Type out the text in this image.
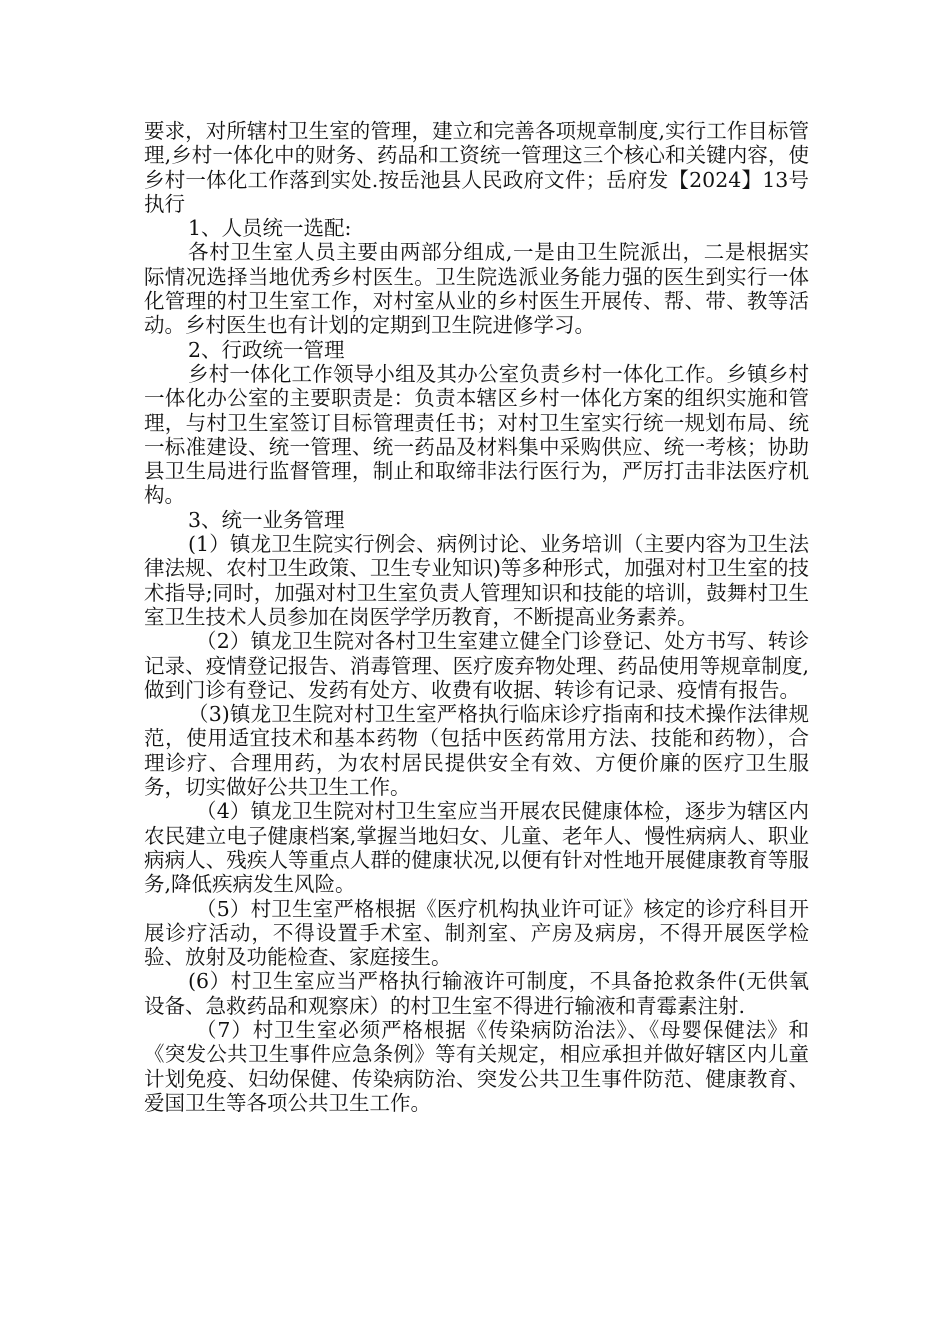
要求，对所辖村卫生室的管理，建立和完善各项规章制度,实行工作目标管理,乡村一体化中的财务、药品和工资统一管理这三个核心和关键内容，使乡村一体化工作落到实处.按岳池县人民政府文件；岳府发【2024】13号执行

1、人员统一选配:

各村卫生室人员主要由两部分组成,一是由卫生院派出，二是根据实际情况选择当地优秀乡村医生。卫生院选派业务能力强的医生到实行一体化管理的村卫生室工作，对村室从业的乡村医生开展传、帮、带、教等活动。乡村医生也有计划的定期到卫生院进修学习。

2、行政统一管理

乡村一体化工作领导小组及其办公室负责乡村一体化工作。乡镇乡村一体化办公室的主要职责是：负责本辖区乡村一体化方案的组织实施和管理，与村卫生室签订目标管理责任书；对村卫生室实行统一规划布局、统一标准建设、统一管理、统一药品及材料集中采购供应、统一考核；协助县卫生局进行监督管理，制止和取缔非法行医行为，严厉打击非法医疗机构。

3、统一业务管理

(1）镇龙卫生院实行例会、病例讨论、业务培训（主要内容为卫生法律法规、农村卫生政策、卫生专业知识)等多种形式，加强对村卫生室的技术指导;同时，加强对村卫生室负责人管理知识和技能的培训，鼓舞村卫生室卫生技术人员参加在岗医学学历教育，不断提高业务素养。

（2）镇龙卫生院对各村卫生室建立健全门诊登记、处方书写、转诊记录、疫情登记报告、消毒管理、医疗废弃物处理、药品使用等规章制度,做到门诊有登记、发药有处方、收费有收据、转诊有记录、疫情有报告。

（3)镇龙卫生院对村卫生室严格执行临床诊疗指南和技术操作法律规范，使用适宜技术和基本药物（包括中医药常用方法、技能和药物），合理诊疗、合理用药，为农村居民提供安全有效、方便价廉的医疗卫生服务，切实做好公共卫生工作。

（4）镇龙卫生院对村卫生室应当开展农民健康体检，逐步为辖区内农民建立电子健康档案,掌握当地妇女、儿童、老年人、慢性病病人、职业病病人、残疾人等重点人群的健康状况,以便有针对性地开展健康教育等服务,降低疾病发生风险。

（5）村卫生室严格根据《医疗机构执业许可证》核定的诊疗科目开展诊疗活动，不得设置手术室、制剂室、产房及病房，不得开展医学检验、放射及功能检查、家庭接生。

(6）村卫生室应当严格执行输液许可制度，不具备抢救条件(无供氧设备、急救药品和观察床）的村卫生室不得进行输液和青霉素注射.

（7）村卫生室必须严格根据《传染病防治法》、《母婴保健法》和《突发公共卫生事件应急条例》等有关规定，相应承担并做好辖区内儿童计划免疫、妇幼保健、传染病防治、突发公共卫生事件防范、健康教育、爱国卫生等各项公共卫生工作。
